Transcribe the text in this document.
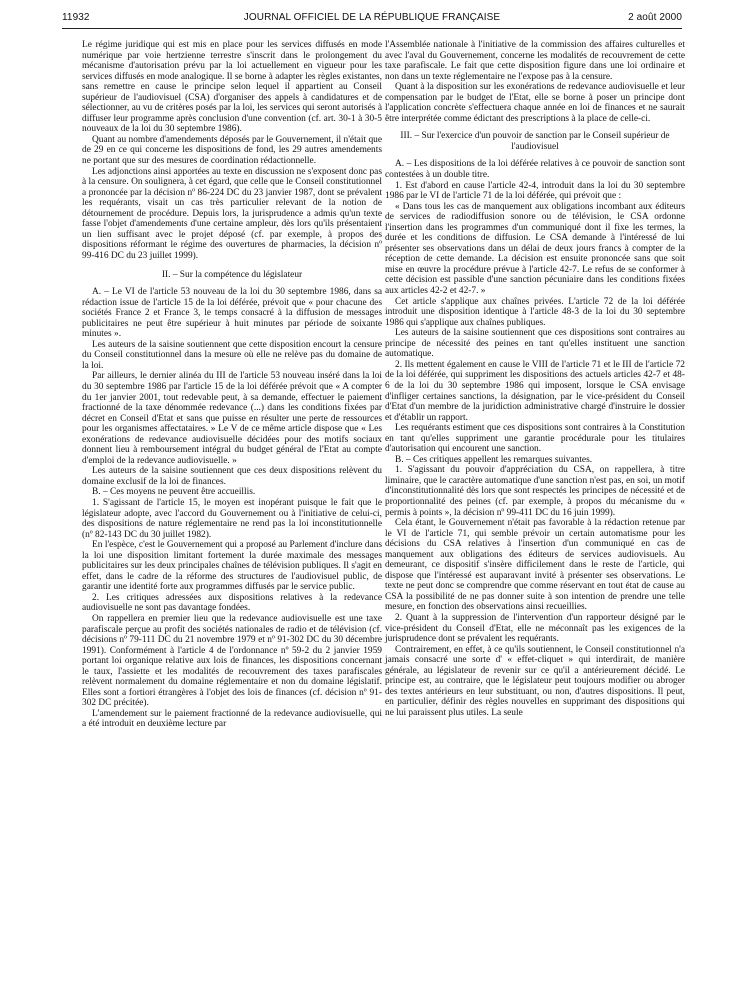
11932	JOURNAL OFFICIEL DE LA RÉPUBLIQUE FRANÇAISE	2 août 2000

Le régime juridique qui est mis en place pour les services diffusés en mode numérique par voie hertzienne terrestre s'inscrit dans le prolongement du mécanisme d'autorisation prévu par la loi actuellement en vigueur pour les services diffusés en mode analogique. Il se borne à adapter les règles existantes, sans remettre en cause le principe selon lequel il appartient au Conseil supérieur de l'audiovisuel (CSA) d'organiser des appels à candidatures et de sélectionner, au vu de critères posés par la loi, les services qui seront autorisés à diffuser leur programme après conclusion d'une convention (cf. art. 30-1 à 30-5 nouveaux de la loi du 30 septembre 1986).

Quant au nombre d'amendements déposés par le Gouvernement, il n'était que de 29 en ce qui concerne les dispositions de fond, les 29 autres amendements ne portant que sur des mesures de coordination rédactionnelle.

Les adjonctions ainsi apportées au texte en discussion ne s'exposent donc pas à la censure. On soulignera, à cet égard, que celle que le Conseil constitutionnel a prononcée par la décision nº 86-224 DC du 23 janvier 1987, dont se prévalent les requérants, visait un cas très particulier relevant de la notion de détournement de procédure. Depuis lors, la jurisprudence a admis qu'un texte fasse l'objet d'amendements d'une certaine ampleur, dès lors qu'ils présentaient un lien suffisant avec le projet déposé (cf. par exemple, à propos des dispositions réformant le régime des ouvertures de pharmacies, la décision nº 99-416 DC du 23 juillet 1999).

II. – Sur la compétence du législateur

A. – Le VI de l'article 53 nouveau de la loi du 30 septembre 1986, dans sa rédaction issue de l'article 15 de la loi déférée, prévoit que « pour chacune des sociétés France 2 et France 3, le temps consacré à la diffusion de messages publicitaires ne peut être supérieur à huit minutes par période de soixante minutes ».

Les auteurs de la saisine soutiennent que cette disposition encourt la censure du Conseil constitutionnel dans la mesure où elle ne relève pas du domaine de la loi.

Par ailleurs, le dernier alinéa du III de l'article 53 nouveau inséré dans la loi du 30 septembre 1986 par l'article 15 de la loi déférée prévoit que « A compter du 1er janvier 2001, tout redevable peut, à sa demande, effectuer le paiement fractionné de la taxe dénommée redevance (...) dans les conditions fixées par décret en Conseil d'Etat et sans que puisse en résulter une perte de ressources pour les organismes affectataires. » Le V de ce même article dispose que « Les exonérations de redevance audiovisuelle décidées pour des motifs sociaux donnent lieu à remboursement intégral du budget général de l'Etat au compte d'emploi de la redevance audiovisuelle. »

Les auteurs de la saisine soutiennent que ces deux dispositions relèvent du domaine exclusif de la loi de finances.

B. – Ces moyens ne peuvent être accueillis.

1. S'agissant de l'article 15, le moyen est inopérant puisque le fait que le législateur adopte, avec l'accord du Gouvernement ou à l'initiative de celui-ci, des dispositions de nature réglementaire ne rend pas la loi inconstitutionnelle (nº 82-143 DC du 30 juillet 1982).

En l'espèce, c'est le Gouvernement qui a proposé au Parlement d'inclure dans la loi une disposition limitant fortement la durée maximale des messages publicitaires sur les deux principales chaînes de télévision publiques. Il s'agit en effet, dans le cadre de la réforme des structures de l'audiovisuel public, de garantir une identité forte aux programmes diffusés par le service public.

2. Les critiques adressées aux dispositions relatives à la redevance audiovisuelle ne sont pas davantage fondées.

On rappellera en premier lieu que la redevance audiovisuelle est une taxe parafiscale perçue au profit des sociétés nationales de radio et de télévision (cf. décisions nº 79-111 DC du 21 novembre 1979 et nº 91-302 DC du 30 décembre 1991). Conformément à l'article 4 de l'ordonnance nº 59-2 du 2 janvier 1959 portant loi organique relative aux lois de finances, les dispositions concernant le taux, l'assiette et les modalités de recouvrement des taxes parafiscales relèvent normalement du domaine réglementaire et non du domaine législatif. Elles sont a fortiori étrangères à l'objet des lois de finances (cf. décision nº 91-302 DC précitée).

L'amendement sur le paiement fractionné de la redevance audiovisuelle, qui a été introduit en deuxième lecture par

l'Assemblée nationale à l'initiative de la commission des affaires culturelles et avec l'aval du Gouvernement, concerne les modalités de recouvrement de cette taxe parafiscale. Le fait que cette disposition figure dans une loi ordinaire et non dans un texte réglementaire ne l'expose pas à la censure.

Quant à la disposition sur les exonérations de redevance audiovisuelle et leur compensation par le budget de l'Etat, elle se borne à poser un principe dont l'application concrète s'effectuera chaque année en loi de finances et ne saurait être interprétée comme édictant des prescriptions à la place de celle-ci.

III. – Sur l'exercice d'un pouvoir de sanction par le Conseil supérieur de l'audiovisuel

A. – Les dispositions de la loi déférée relatives à ce pouvoir de sanction sont contestées à un double titre.

1. Est d'abord en cause l'article 42-4, introduit dans la loi du 30 septembre 1986 par le VI de l'article 71 de la loi déférée, qui prévoit que :

« Dans tous les cas de manquement aux obligations incombant aux éditeurs de services de radiodiffusion sonore ou de télévision, le CSA ordonne l'insertion dans les programmes d'un communiqué dont il fixe les termes, la durée et les conditions de diffusion. Le CSA demande à l'intéressé de lui présenter ses observations dans un délai de deux jours francs à compter de la réception de cette demande. La décision est ensuite prononcée sans que soit mise en œuvre la procédure prévue à l'article 42-7. Le refus de se conformer à cette décision est passible d'une sanction pécuniaire dans les conditions fixées aux articles 42-2 et 42-7. »

Cet article s'applique aux chaînes privées. L'article 72 de la loi déférée introduit une disposition identique à l'article 48-3 de la loi du 30 septembre 1986 qui s'applique aux chaînes publiques.

Les auteurs de la saisine soutiennent que ces dispositions sont contraires au principe de nécessité des peines en tant qu'elles instituent une sanction automatique.

2. Ils mettent également en cause le VIII de l'article 71 et le III de l'article 72 de la loi déférée, qui suppriment les dispositions des actuels articles 42-7 et 48-6 de la loi du 30 septembre 1986 qui imposent, lorsque le CSA envisage d'infliger certaines sanctions, la désignation, par le vice-président du Conseil d'Etat d'un membre de la juridiction administrative chargé d'instruire le dossier et d'établir un rapport.

Les requérants estiment que ces dispositions sont contraires à la Constitution en tant qu'elles suppriment une garantie procédurale pour les titulaires d'autorisation qui encourent une sanction.

B. – Ces critiques appellent les remarques suivantes.

1. S'agissant du pouvoir d'appréciation du CSA, on rappellera, à titre liminaire, que le caractère automatique d'une sanction n'est pas, en soi, un motif d'inconstitutionnalité dès lors que sont respectés les principes de nécessité et de proportionnalité des peines (cf. par exemple, à propos du mécanisme du « permis à points », la décision nº 99-411 DC du 16 juin 1999).

Cela étant, le Gouvernement n'était pas favorable à la rédaction retenue par le VI de l'article 71, qui semble prévoir un certain automatisme pour les décisions du CSA relatives à l'insertion d'un communiqué en cas de manquement aux obligations des éditeurs de services audiovisuels. Au demeurant, ce dispositif s'insère difficilement dans le reste de l'article, qui dispose que l'intéressé est auparavant invité à présenter ses observations. Le texte ne peut donc se comprendre que comme réservant en tout état de cause au CSA la possibilité de ne pas donner suite à son intention de prendre une telle mesure, en fonction des observations ainsi recueillies.

2. Quant à la suppression de l'intervention d'un rapporteur désigné par le vice-président du Conseil d'Etat, elle ne méconnaît pas les exigences de la jurisprudence dont se prévalent les requérants.

Contrairement, en effet, à ce qu'ils soutiennent, le Conseil constitutionnel n'a jamais consacré une sorte d' « effet-cliquet » qui interdirait, de manière générale, au législateur de revenir sur ce qu'il a antérieurement décidé. Le principe est, au contraire, que le législateur peut toujours modifier ou abroger des textes antérieurs en leur substituant, ou non, d'autres dispositions. Il peut, en particulier, définir des règles nouvelles en supprimant des dispositions qui ne lui paraissent plus utiles. La seule
